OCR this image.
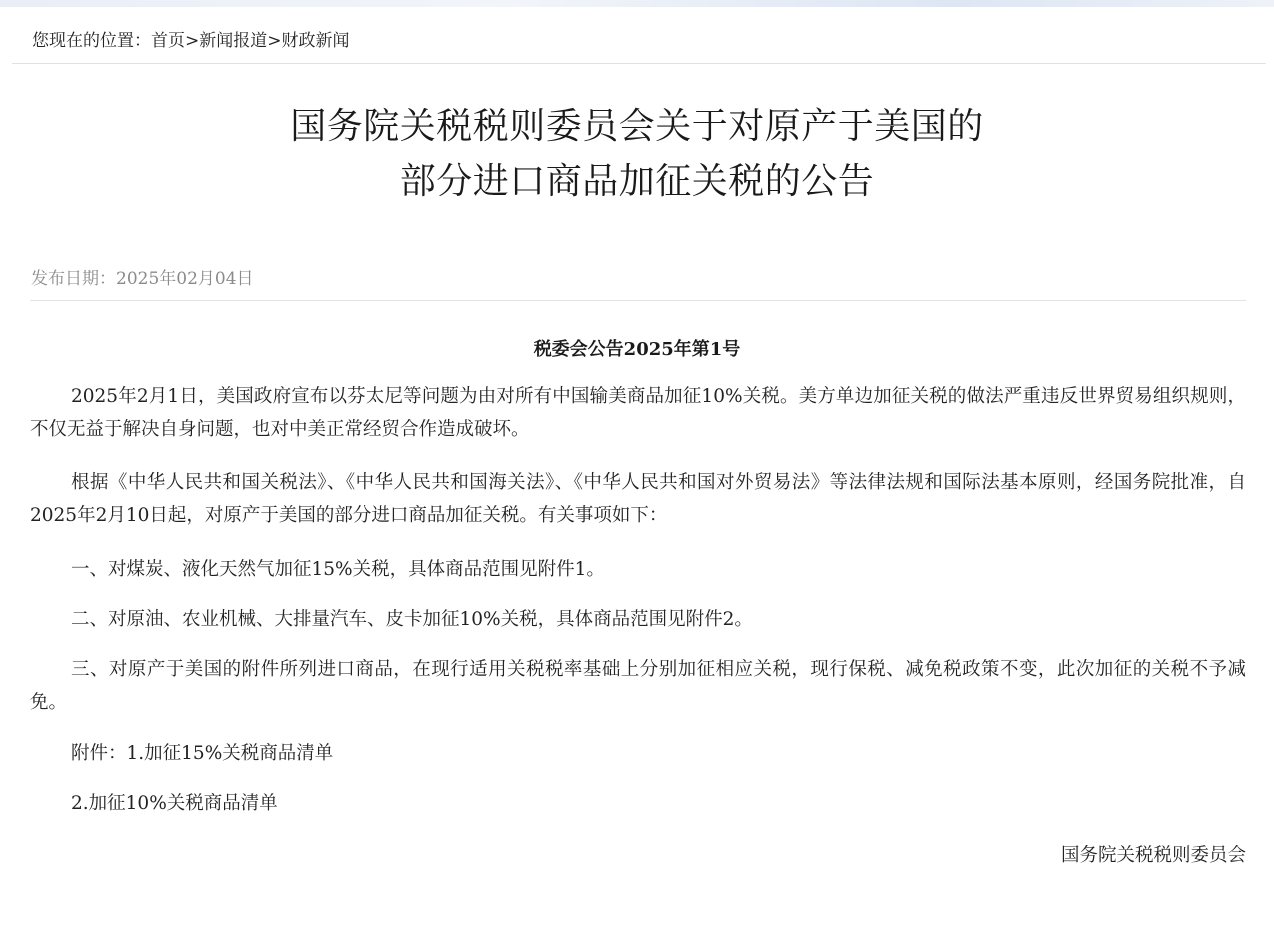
您现在的位置：首页>新闻报道>财政新闻
国务院关税税则委员会关于对原产于美国的
部分进口商品加征关税的公告
发布日期：2025年02月04日
税委会公告2025年第1号
2025年2月1日，美国政府宣布以芬太尼等问题为由对所有中国输美商品加征10%关税。美方单边加征关税的做法严重违反世界贸易组织规则，不仅无益于解决自身问题，也对中美正常经贸合作造成破坏。
根据《中华人民共和国关税法》、《中华人民共和国海关法》、《中华人民共和国对外贸易法》等法律法规和国际法基本原则，经国务院批准，自2025年2月10日起，对原产于美国的部分进口商品加征关税。有关事项如下：
一、对煤炭、液化天然气加征15%关税，具体商品范围见附件1。
二、对原油、农业机械、大排量汽车、皮卡加征10%关税，具体商品范围见附件2。
三、对原产于美国的附件所列进口商品，在现行适用关税税率基础上分别加征相应关税，现行保税、减免税政策不变，此次加征的关税不予减免。
附件：1.加征15%关税商品清单
2.加征10%关税商品清单
国务院关税税则委员会
